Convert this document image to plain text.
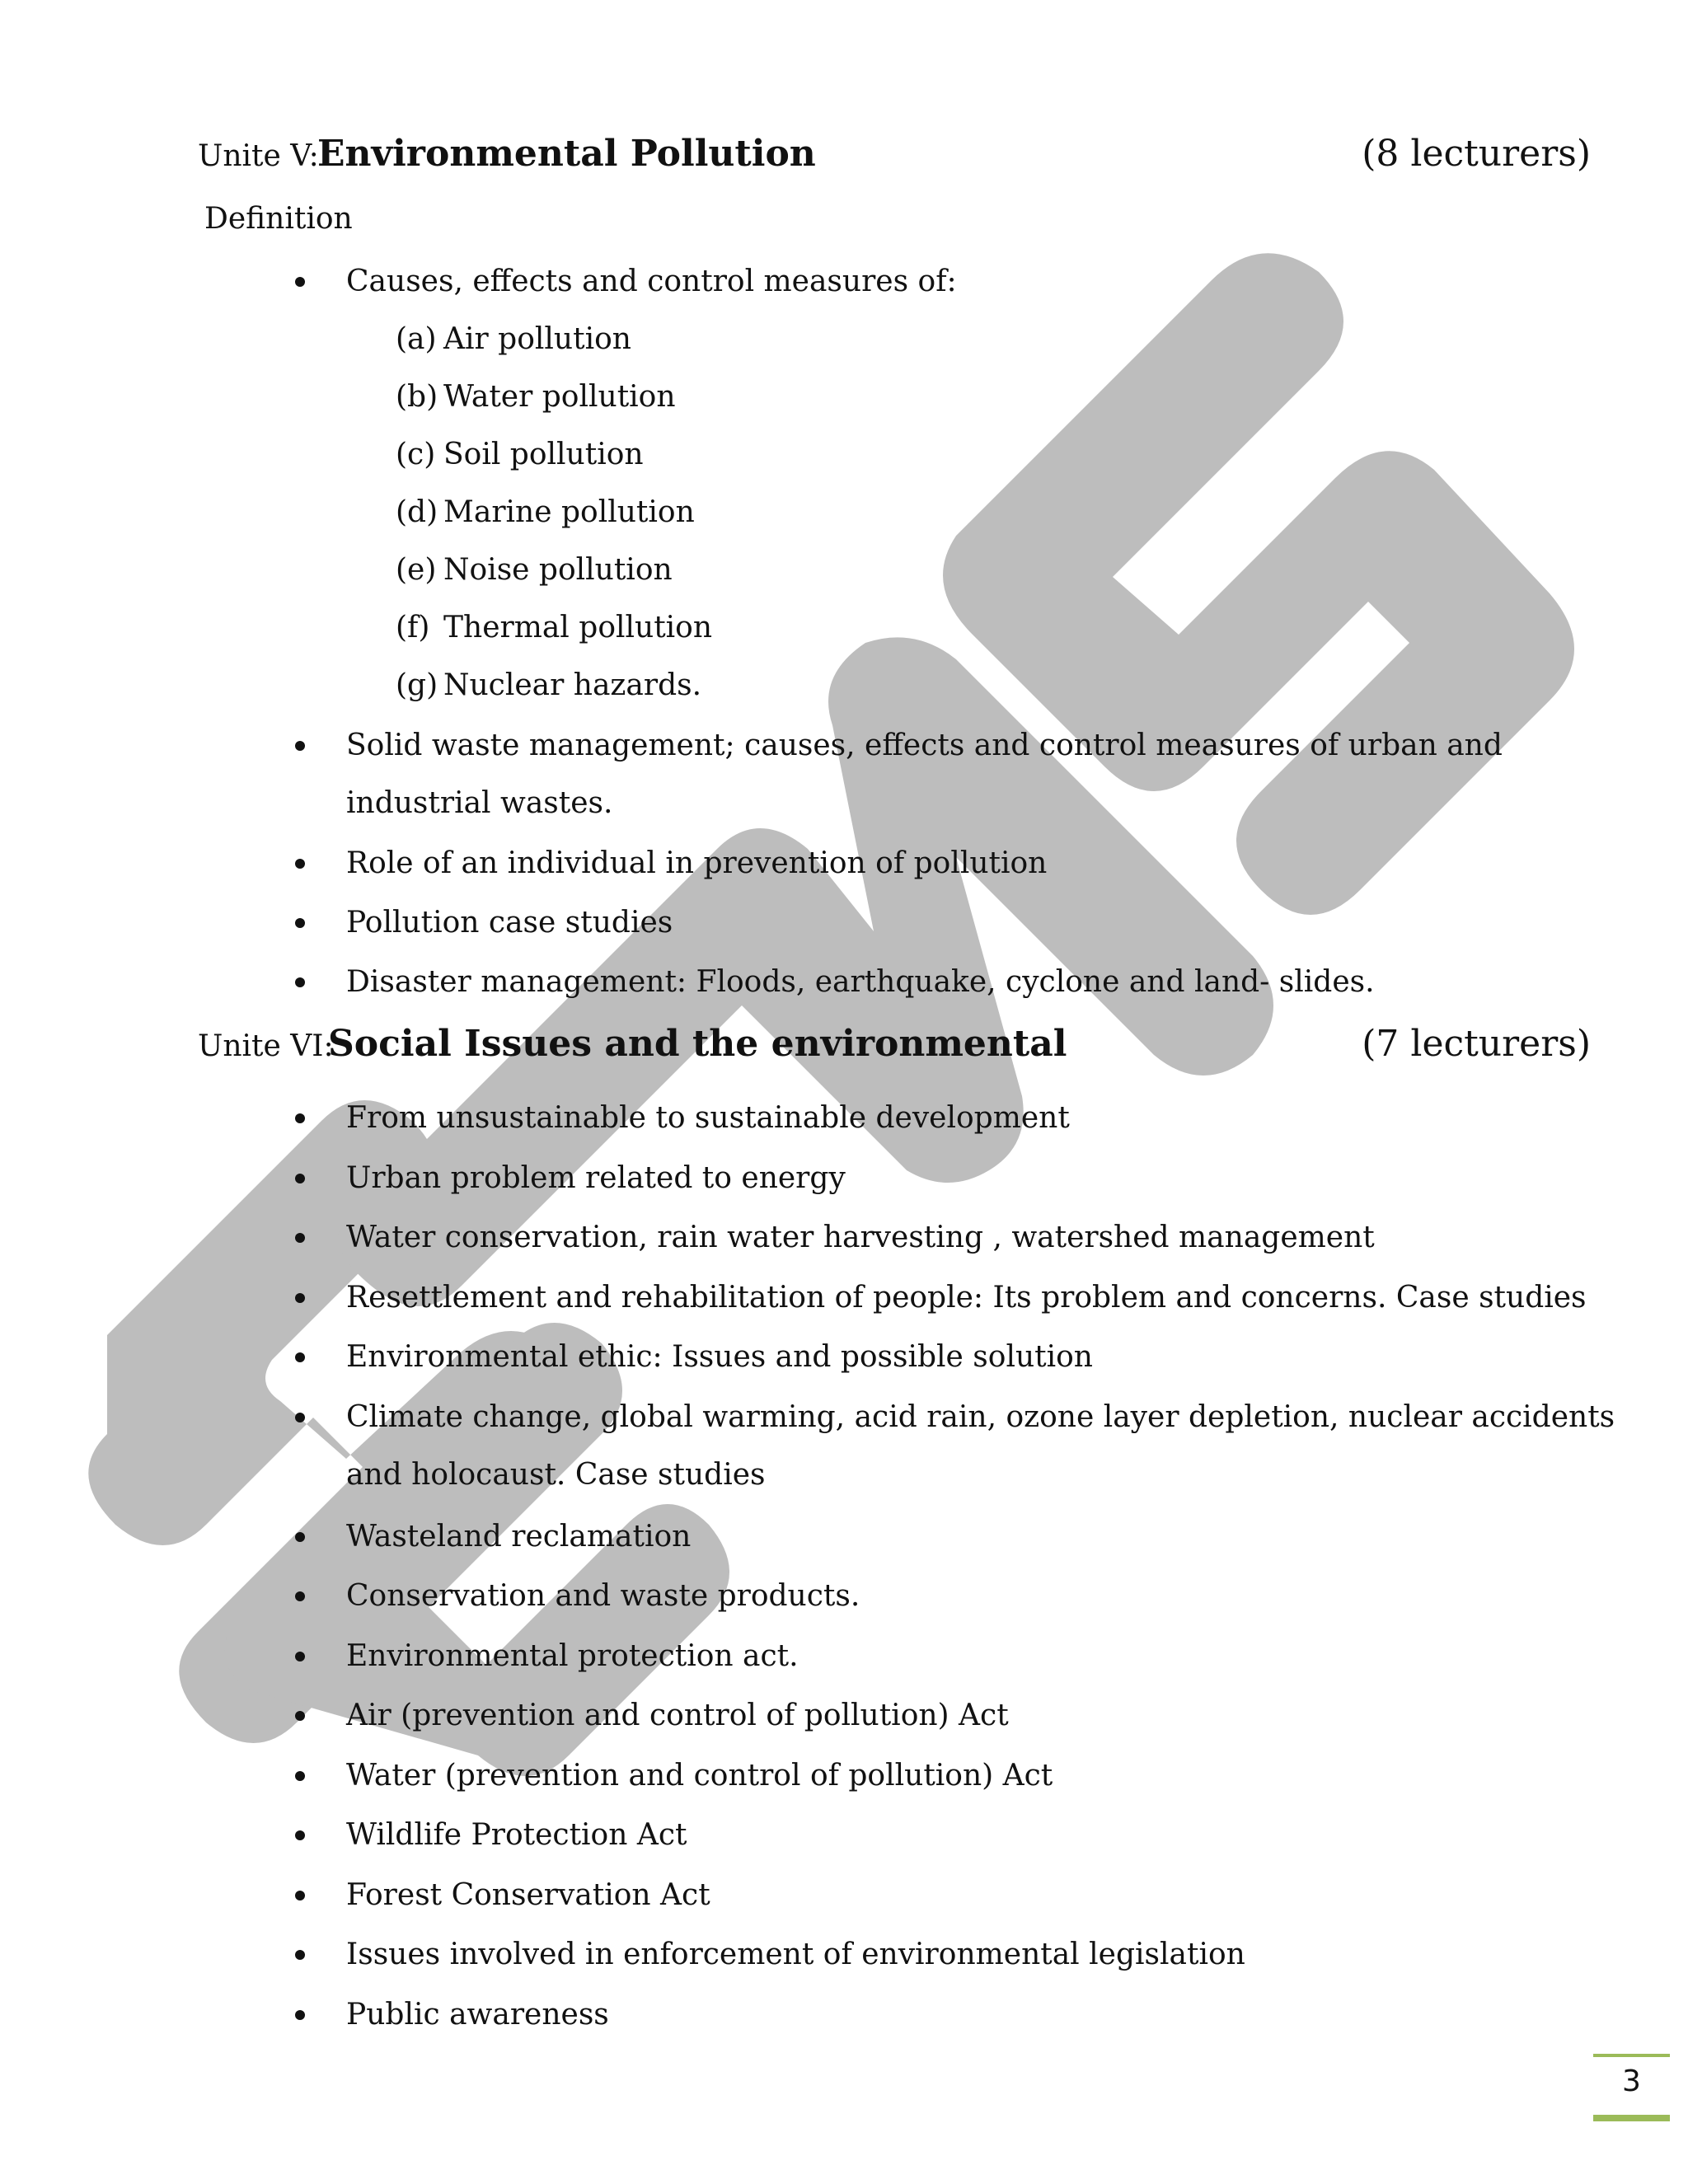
Unite V:
Environmental Pollution	(8 lecturers)
Definition
Causes, effects and control measures of:
(a) Air pollution
(b) Water pollution
(c) Soil pollution
(d) Marine pollution
(e) Noise pollution
(f) Thermal pollution
(g) Nuclear hazards.
Solid waste management; causes, effects and control measures of urban and industrial wastes.
Role of an individual in prevention of pollution
Pollution case studies
Disaster management: Floods, earthquake, cyclone and land- slides.
Unite VI:
Social Issues and the environmental	(7 lecturers)
From unsustainable to sustainable development
Urban problem related to energy
Water conservation, rain water harvesting , watershed management
Resettlement and rehabilitation of people: Its problem and concerns. Case studies
Environmental ethic: Issues and possible solution
Climate change, global warming, acid rain, ozone layer depletion, nuclear accidents and holocaust. Case studies
Wasteland reclamation
Conservation and waste products.
Environmental protection act.
Air (prevention and control of pollution) Act
Water (prevention and control of pollution) Act
Wildlife Protection Act
Forest Conservation Act
Issues involved in enforcement of environmental legislation
Public awareness
3
